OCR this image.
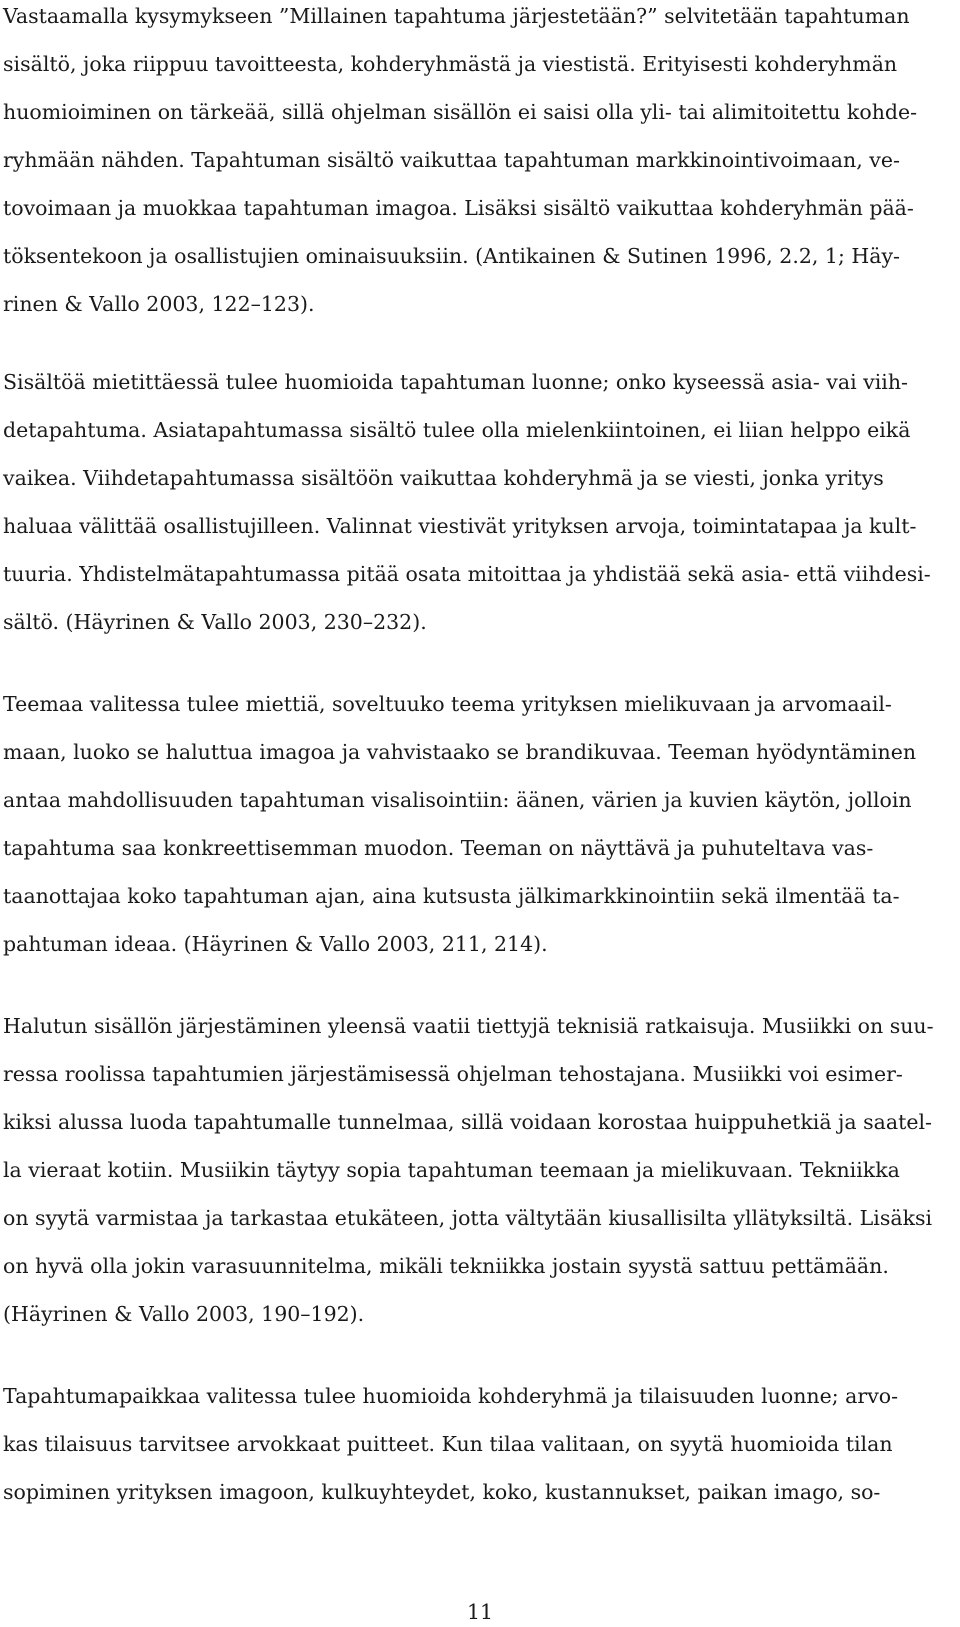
Vastaamalla kysymykseen ”Millainen tapahtuma järjestetään?” selvitetään tapahtuman
sisältö, joka riippuu tavoitteesta, kohderyhmästä ja viestistä. Erityisesti kohderyhmän
huomioiminen on tärkeää, sillä ohjelman sisällön ei saisi olla yli- tai alimitoitettu kohde-
ryhmään nähden. Tapahtuman sisältö vaikuttaa tapahtuman markkinointivoimaan, ve-
tovoimaan ja muokkaa tapahtuman imagoa. Lisäksi sisältö vaikuttaa kohderyhmän pää-
töksentekoon ja osallistujien ominaisuuksiin. (Antikainen & Sutinen 1996, 2.2, 1; Häy-
rinen & Vallo 2003, 122–123).

Sisältöä mietittäessä tulee huomioida tapahtuman luonne; onko kyseessä asia- vai viih-
detapahtuma. Asiatapahtumassa sisältö tulee olla mielenkiintoinen, ei liian helppo eikä
vaikea. Viihdetapahtumassa sisältöön vaikuttaa kohderyhmä ja se viesti, jonka yritys
haluaa välittää osallistujilleen. Valinnat viestivät yrityksen arvoja, toimintatapaa ja kult-
tuuria. Yhdistelmätapahtumassa pitää osata mitoittaa ja yhdistää sekä asia- että viihdesi-
sältö. (Häyrinen & Vallo 2003, 230–232).

Teemaa valitessa tulee miettiä, soveltuuko teema yrityksen mielikuvaan ja arvomaail-
maan, luoko se haluttua imagoa ja vahvistaako se brandikuvaa. Teeman hyödyntäminen
antaa mahdollisuuden tapahtuman visalisointiin: äänen, värien ja kuvien käytön, jolloin
tapahtuma saa konkreettisemman muodon. Teeman on näyttävä ja puhuteltava vas-
taanottajaa koko tapahtuman ajan, aina kutsusta jälkimarkkinointiin sekä ilmentää ta-
pahtuman ideaa. (Häyrinen & Vallo 2003, 211, 214).

Halutun sisällön järjestäminen yleensä vaatii tiettyjä teknisiä ratkaisuja. Musiikki on suu-
ressa roolissa tapahtumien järjestämisessä ohjelman tehostajana. Musiikki voi esimer-
kiksi alussa luoda tapahtumalle tunnelmaa, sillä voidaan korostaa huippuhetkiä ja saatel-
la vieraat kotiin. Musiikin täytyy sopia tapahtuman teemaan ja mielikuvaan. Tekniikka
on syytä varmistaa ja tarkastaa etukäteen, jotta vältytään kiusallisilta yllätyksiltä. Lisäksi
on hyvä olla jokin varasuunnitelma, mikäli tekniikka jostain syystä sattuu pettämään.
(Häyrinen & Vallo 2003, 190–192).

Tapahtumapaikkaa valitessa tulee huomioida kohderyhmä ja tilaisuuden luonne; arvo-
kas tilaisuus tarvitsee arvokkaat puitteet. Kun tilaa valitaan, on syytä huomioida tilan
sopiminen yrityksen imagoon, kulkuyhteydet, koko, kustannukset, paikan imago, so-

11
